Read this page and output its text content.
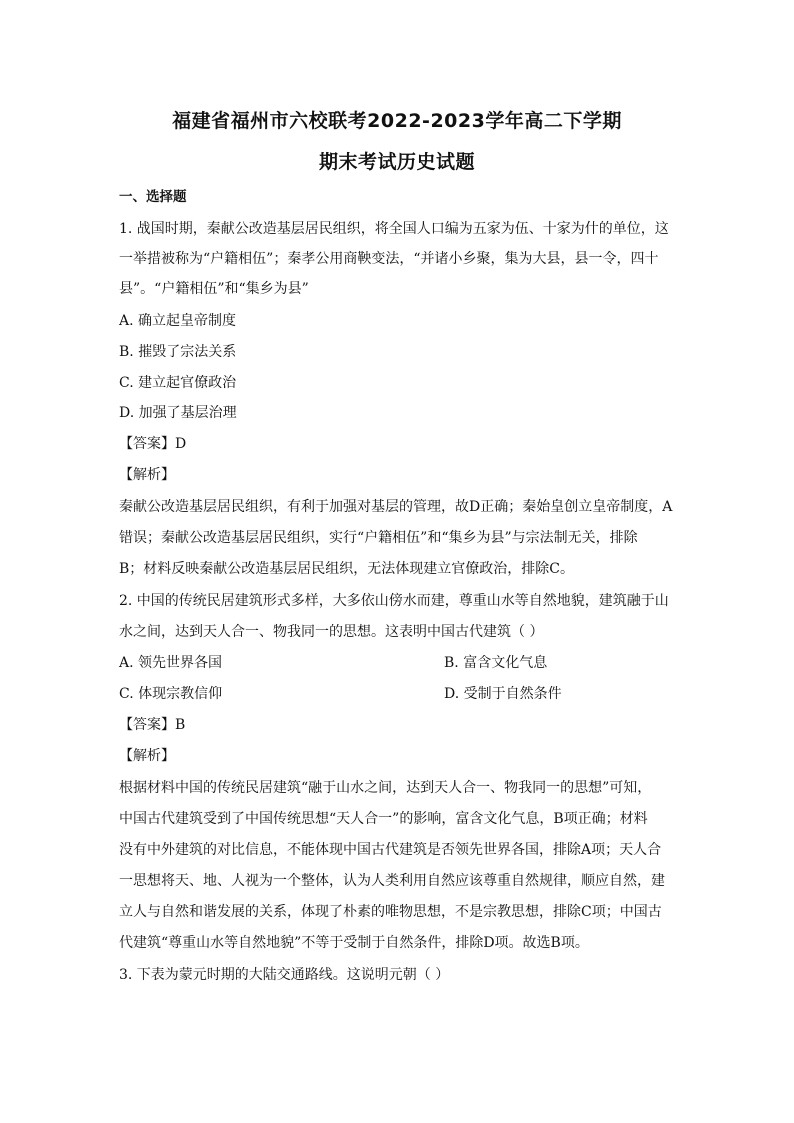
福建省福州市六校联考2022-2023学年高二下学期
期末考试历史试题
一、选择题
1. 战国时期，秦献公改造基层居民组织，将全国人口编为五家为伍、十家为什的单位，这
一举措被称为“户籍相伍”；秦孝公用商鞅变法，“并诸小乡聚，集为大县，县一令，四十
县”。“户籍相伍”和“集乡为县”
A. 确立起皇帝制度
B. 摧毁了宗法关系
C. 建立起官僚政治
D. 加强了基层治理
【答案】D
【解析】
秦献公改造基层居民组织，有利于加强对基层的管理，故D正确；秦始皇创立皇帝制度，A
错误；秦献公改造基层居民组织，实行“户籍相伍”和“集乡为县”与宗法制无关，排除
B；材料反映秦献公改造基层居民组织，无法体现建立官僚政治，排除C。
2. 中国的传统民居建筑形式多样，大多依山傍水而建，尊重山水等自然地貌，建筑融于山
水之间，达到天人合一、物我同一的思想。这表明中国古代建筑（ ）
A. 领先世界各国	B. 富含文化气息
C. 体现宗教信仰	D. 受制于自然条件
【答案】B
【解析】
根据材料中国的传统民居建筑“融于山水之间，达到天人合一、物我同一的思想”可知，
中国古代建筑受到了中国传统思想“天人合一”的影响，富含文化气息，B项正确；材料
没有中外建筑的对比信息，不能体现中国古代建筑是否领先世界各国，排除A项；天人合
一思想将天、地、人视为一个整体，认为人类利用自然应该尊重自然规律，顺应自然，建
立人与自然和谐发展的关系，体现了朴素的唯物思想，不是宗教思想，排除C项；中国古
代建筑“尊重山水等自然地貌”不等于受制于自然条件，排除D项。故选B项。
3. 下表为蒙元时期的大陆交通路线。这说明元朝（ ）
